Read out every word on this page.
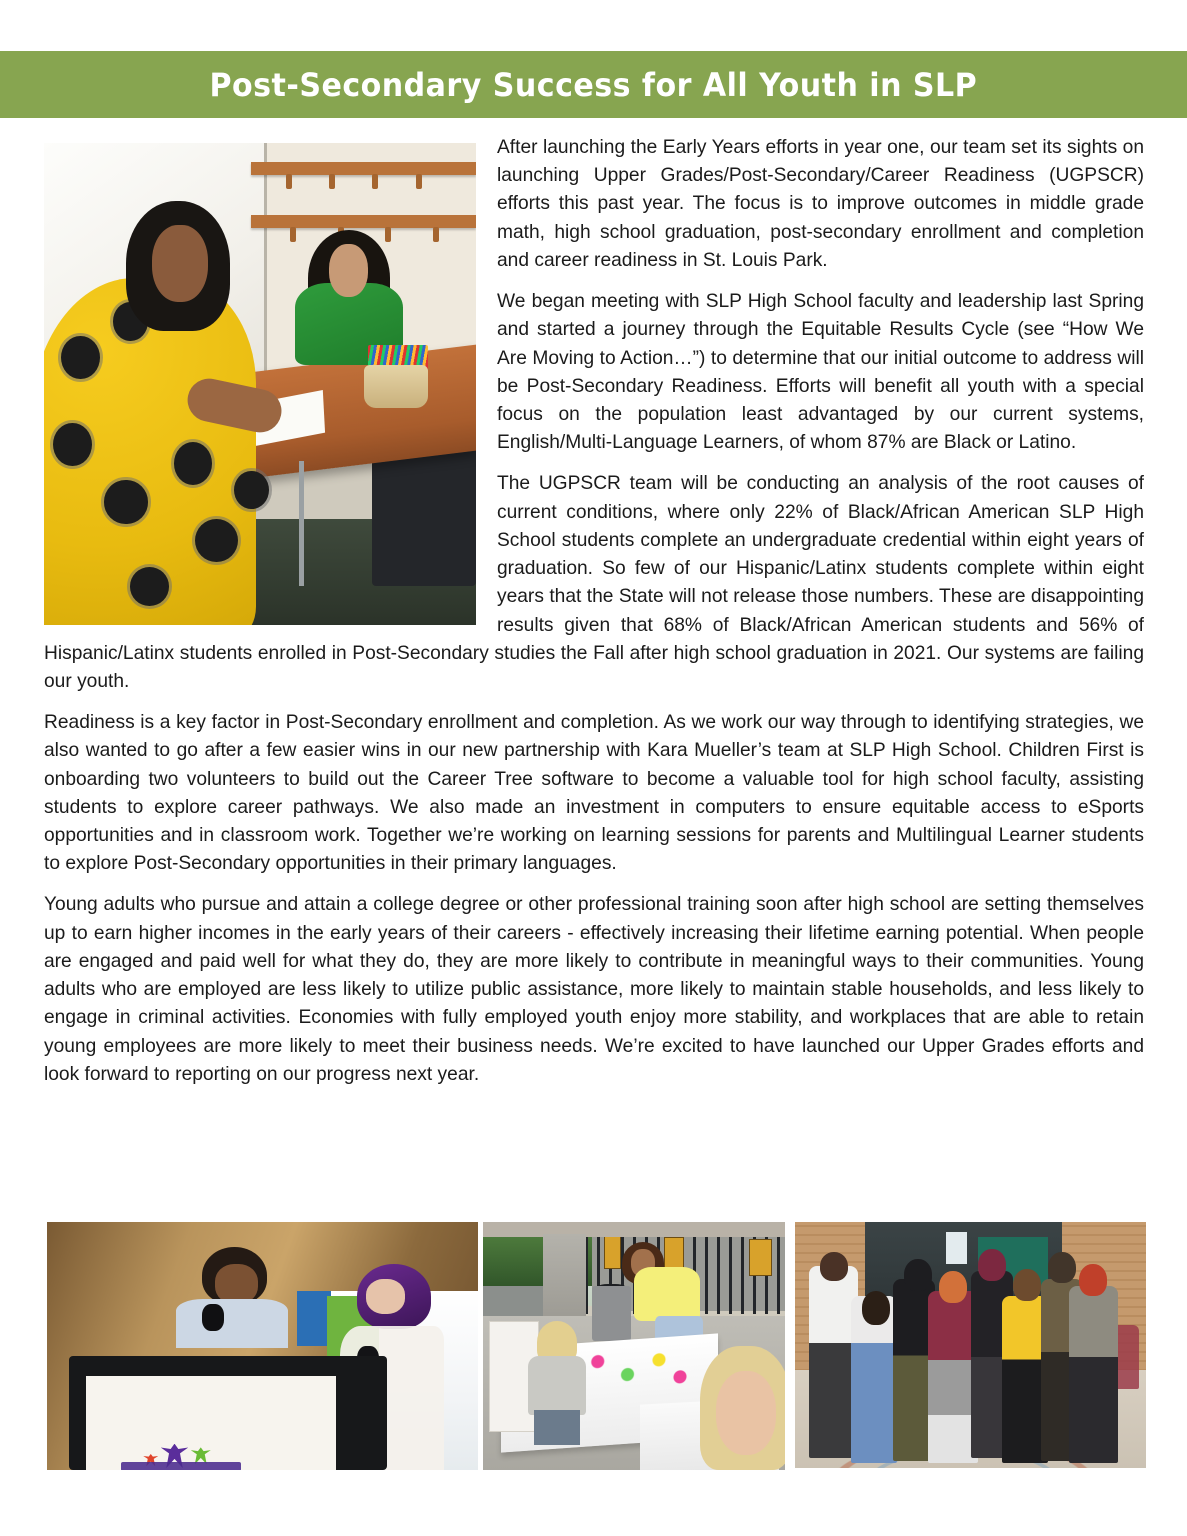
Post-Secondary Success for All Youth in SLP

After launching the Early Years efforts in year one, our team set its sights on launching Upper Grades/Post-Secondary/Career Readiness (UGPSCR) efforts this past year. The focus is to improve outcomes in middle grade math, high school graduation, post-secondary enrollment and completion and career readiness in St. Louis Park.

We began meeting with SLP High School faculty and leadership last Spring and started a journey through the Equitable Results Cycle (see “How We Are Moving to Action…”) to determine that our initial outcome to address will be Post-Secondary Readiness. Efforts will benefit all youth with a special focus on the population least advantaged by our current systems, English/Multi-Language Learners, of whom 87% are Black or Latino.

The UGPSCR team will be conducting an analysis of the root causes of current conditions, where only 22% of Black/African American SLP High School students complete an undergraduate credential within eight years of graduation. So few of our Hispanic/Latinx students complete within eight years that the State will not release those numbers. These are disappointing results given that 68% of Black/African American students and 56% of Hispanic/Latinx students enrolled in Post-Secondary studies the Fall after high school graduation in 2021. Our systems are failing our youth.

Readiness is a key factor in Post-Secondary enrollment and completion. As we work our way through to identifying strategies, we also wanted to go after a few easier wins in our new partnership with Kara Mueller’s team at SLP High School. Children First is onboarding two volunteers to build out the Career Tree software to become a valuable tool for high school faculty, assisting students to explore career pathways. We also made an investment in computers to ensure equitable access to eSports opportunities and in classroom work. Together we’re working on learning sessions for parents and Multilingual Learner students to explore Post-Secondary opportunities in their primary languages.

Young adults who pursue and attain a college degree or other professional training soon after high school are setting themselves up to earn higher incomes in the early years of their careers - effectively increasing their lifetime earning potential. When people are engaged and paid well for what they do, they are more likely to contribute in meaningful ways to their communities. Young adults who are employed are less likely to utilize public assistance, more likely to maintain stable households, and less likely to engage in criminal activities. Economies with fully employed youth enjoy more stability, and workplaces that are able to retain young employees are more likely to meet their business needs. We’re excited to have launched our Upper Grades efforts and look forward to reporting on our progress next year.
